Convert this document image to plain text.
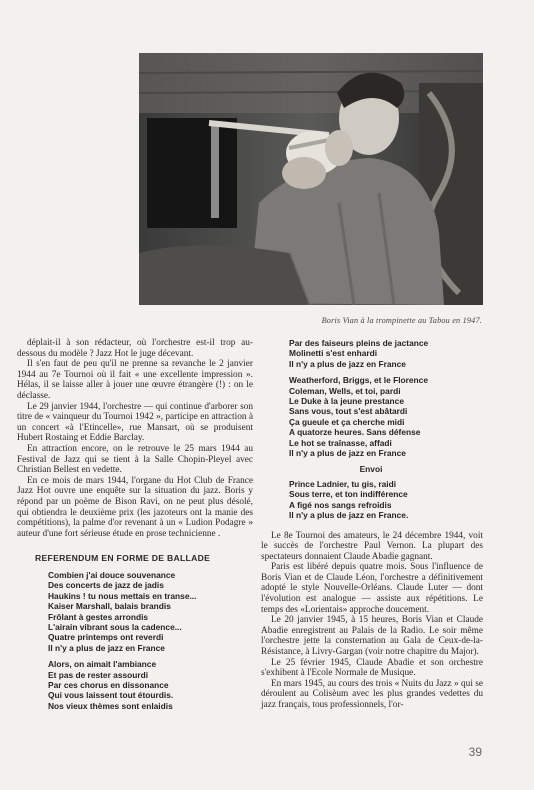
Boris Vian à la trompinette au Tabou en 1947.

déplait-il à son rédacteur, où l'orchestre est-il trop au-dessous du modèle ? Jazz Hot le juge décevant.

Il s'en faut de peu qu'il ne prenne sa revanche le 2 janvier 1944 au 7e Tournoi où il fait « une excellente impression ». Hélas, il se laisse aller à jouer une œuvre étrangère (!) : on le déclasse.

Le 29 janvier 1944, l'orchestre — qui continue d'arborer son titre de « vainqueur du Tournoi 1942 », participe en attraction à un concert «à l'Etincelle», rue Mansart, où se produisent Hubert Rostaing et Eddie Barclay.

En attraction encore, on le retrouve le 25 mars 1944 au Festival de Jazz qui se tient à la Salle Chopin-Pleyel avec Christian Bellest en vedette.

En ce mois de mars 1944, l'organe du Hot Club de France Jazz Hot ouvre une enquête sur la situation du jazz. Boris y répond par un poème de Bison Ravi, on ne peut plus désolé, qui obtiendra le deuxième prix (les jazoteurs ont la manie des compétitions), la palme d'or revenant à un « Ludion Podagre » auteur d'une fort sérieuse étude en prose technicienne .

REFERENDUM EN FORME DE BALLADE
Combien j'ai douce souvenance
Des concerts de jazz de jadis
Haukins ! tu nous mettais en transe...
Kaiser Marshall, balais brandis
Frôlant à gestes arrondis
L'airain vibrant sous la cadence...
Quatre printemps ont reverdi
Il n'y a plus de jazz en France
Alors, on aimait l'ambiance
Et pas de rester assourdi
Par ces chorus en dissonance
Qui vous laissent tout étourdis.
Nos vieux thèmes sont enlaidis
Par des faiseurs pleins de jactance
Molinetti s'est enhardi
Il n'y a plus de jazz en France
Weatherford, Briggs, et le Florence
Coleman, Wells, et toi, pardi
Le Duke à la jeune prestance
Sans vous, tout s'est abâtardi
Ça gueule et ça cherche midi
A quatorze heures. Sans défense
Le hot se traînasse, affadi
Il n'y a plus de jazz en France
Envoi
Prince Ladnier, tu gis, raidi
Sous terre, et ton indifférence
A figé nos sangs refroidis
Il n'y a plus de jazz en France.

Le 8e Tournoi des amateurs, le 24 décembre 1944, voit le succès de l'orchestre Paul Vernon. La plupart des spectateurs donnaient Claude Abadie gagnant.

Paris est libéré depuis quatre mois. Sous l'influence de Boris Vian et de Claude Léon, l'orchestre a définitivement adopté le style Nouvelle-Orléans. Claude Luter — dont l'évolution est analogue — assiste aux répétitions. Le temps des «Lorientais» approche doucement.

Le 20 janvier 1945, à 15 heures, Boris Vian et Claude Abadie enregistrent au Palais de la Radio. Le soir même l'orchestre jette la consternation au Gala de Ceux-de-la-Résistance, à Livry-Gargan (voir notre chapitre du Major).

Le 25 février 1945, Claude Abadie et son orchestre s'exhibent à l'Ecole Normale de Musique.

En mars 1945, au cours des trois « Nuits du Jazz » qui se déroulent au Colisèum avec les plus grandes vedettes du jazz français, tous professionnels, l'or-

39
